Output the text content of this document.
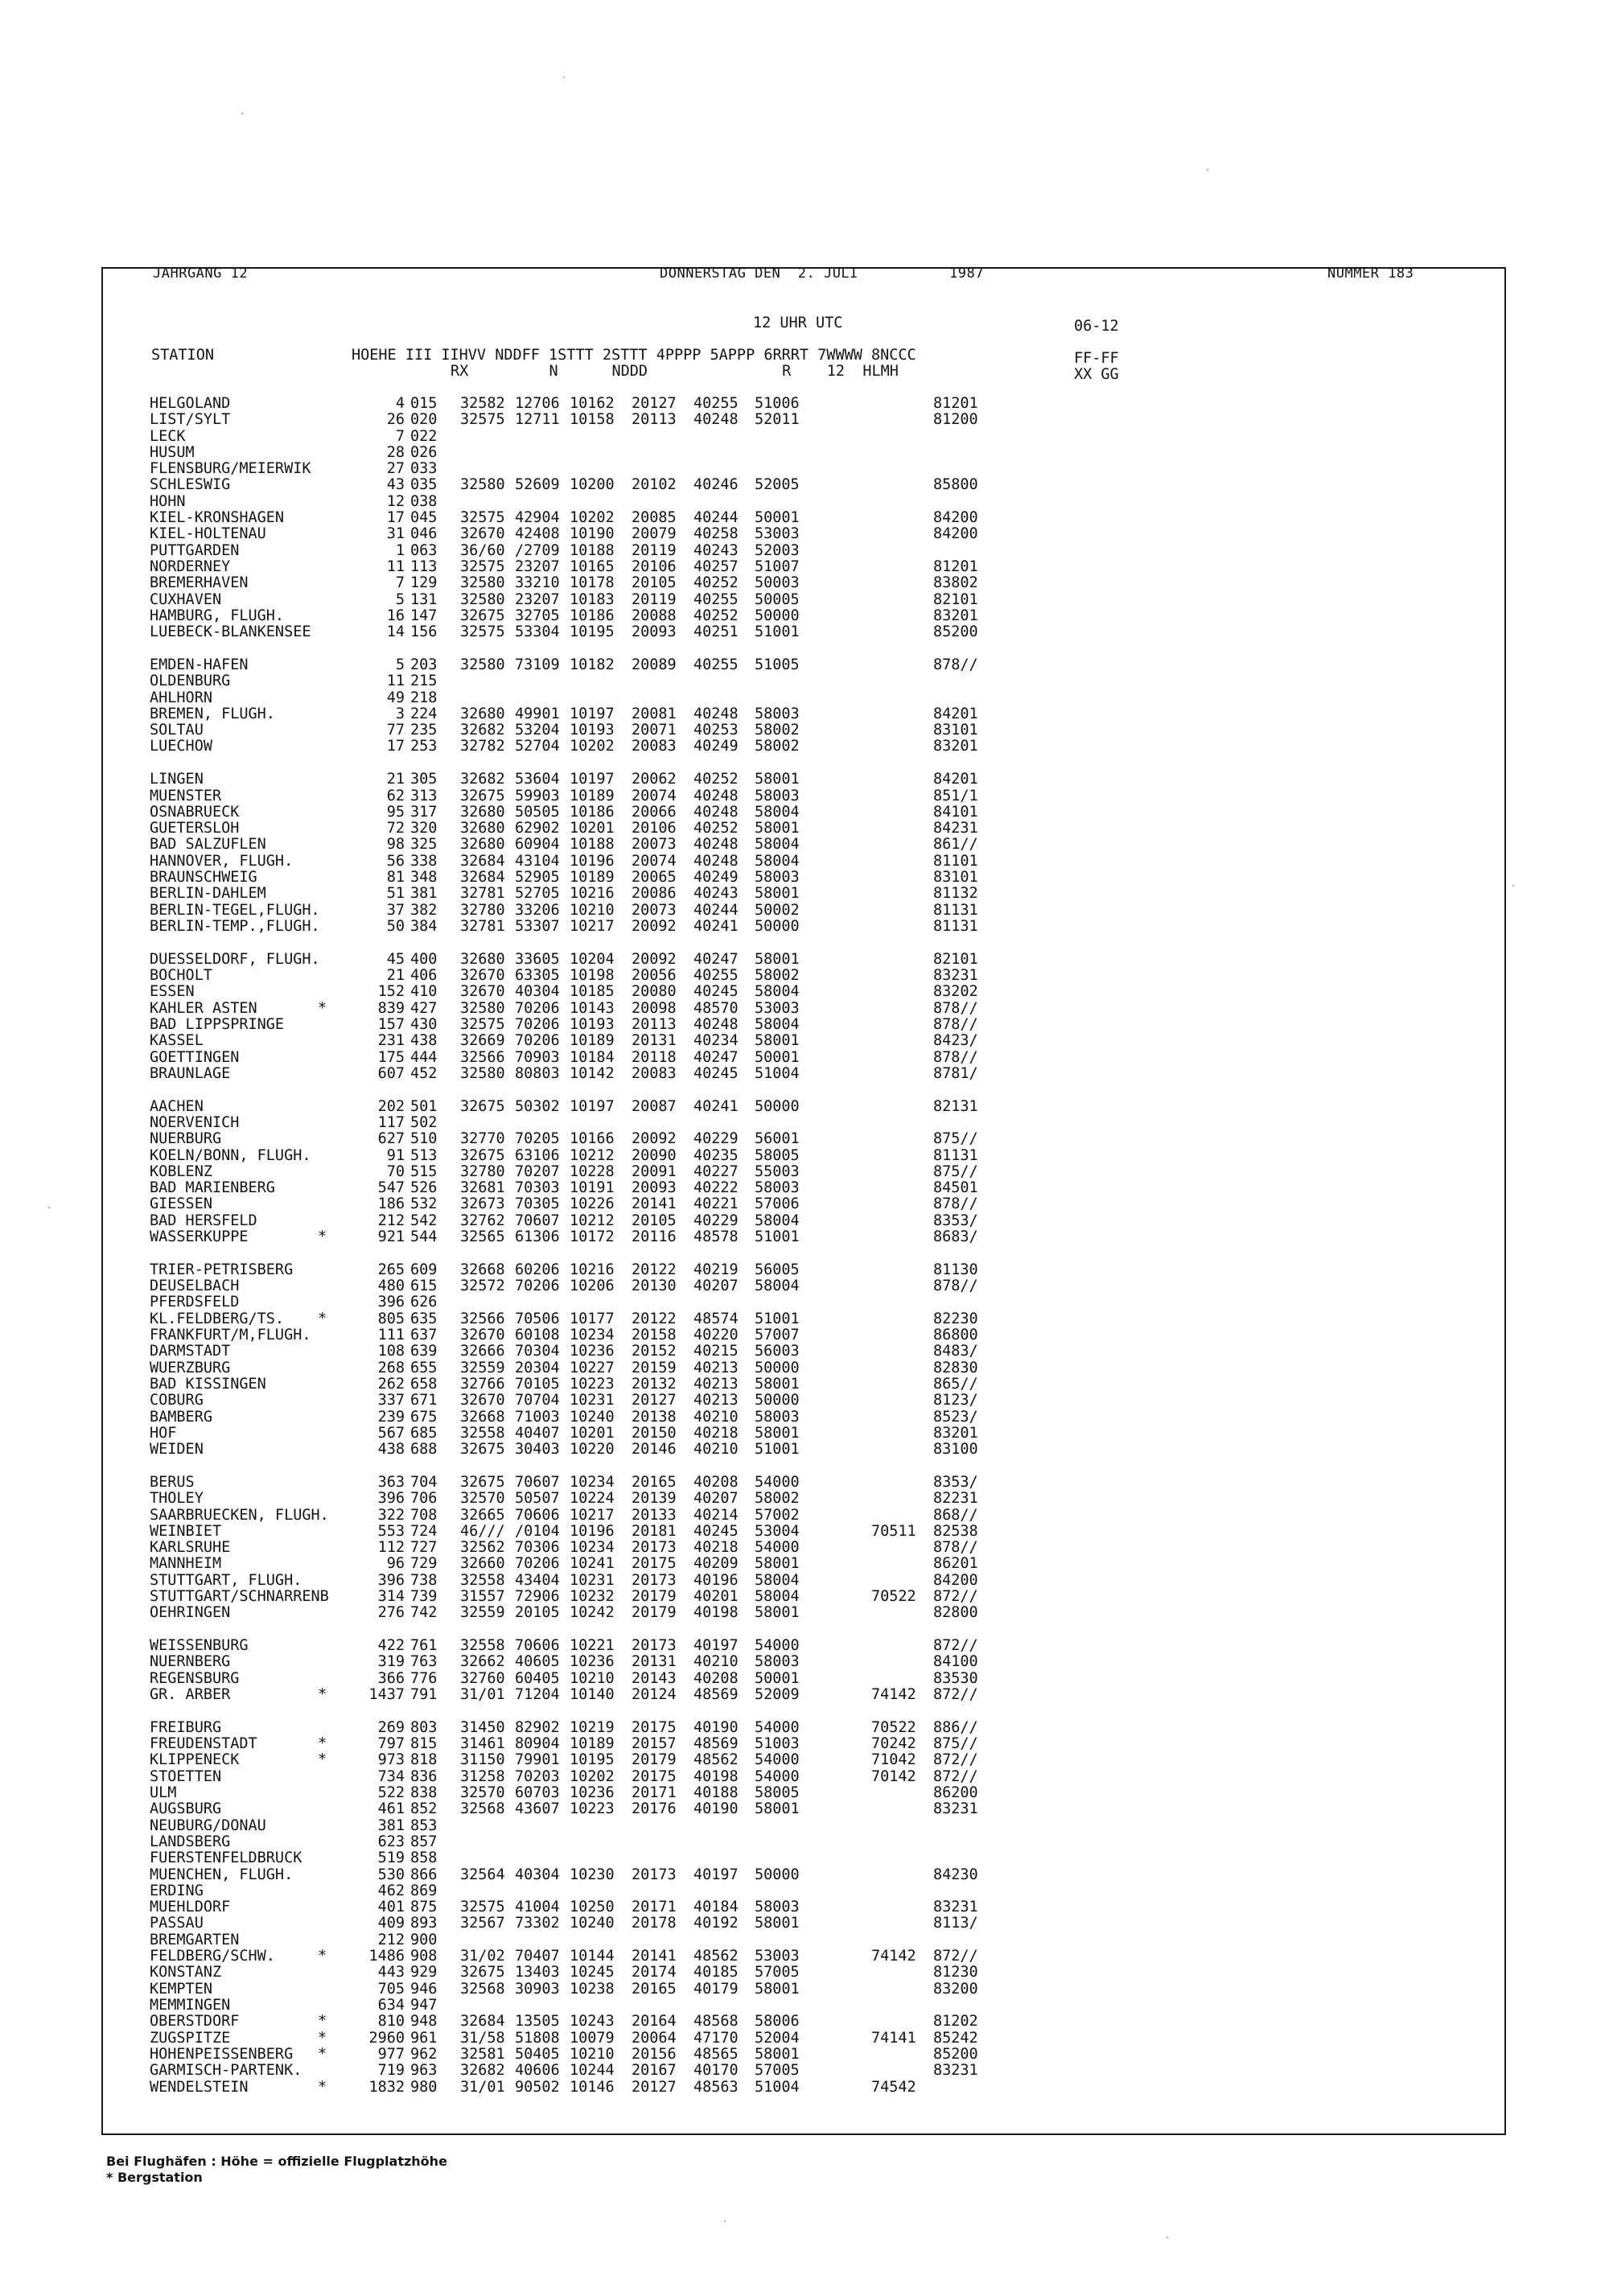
JAHRGANG 12	DONNERSTAG DEN  2. JULI	1987	NUMMER 183
12 UHR UTC	06-12
STATION	HOEHE III IIHVV NDDFF 1STTT 2STTT 4PPPP 5APPP 6RRRT 7WWWW 8NCCC
RX         N      NDDD               R    12  HLMH
FF-FF
XX GG
HELGOLAND	4 015 32582 12706 10162 20127 40255 51006	81201
LIST/SYLT	26 020 32575 12711 10158 20113 40248 52011	81200
LECK	7 022
HUSUM	28 026
FLENSBURG/MEIERWIK	27 033
SCHLESWIG	43 035 32580 52609 10200 20102 40246 52005	85800
HOHN	12 038
KIEL-KRONSHAGEN	17 045 32575 42904 10202 20085 40244 50001	84200
KIEL-HOLTENAU	31 046 32670 42408 10190 20079 40258 53003	84200
PUTTGARDEN	1 063 36/60 /2709 10188 20119 40243 52003
NORDERNEY	11 113 32575 23207 10165 20106 40257 51007	81201
BREMERHAVEN	7 129 32580 33210 10178 20105 40252 50003	83802
CUXHAVEN	5 131 32580 23207 10183 20119 40255 50005	82101
HAMBURG, FLUGH.	16 147 32675 32705 10186 20088 40252 50000	83201
LUEBECK-BLANKENSEE	14 156 32575 53304 10195 20093 40251 51001	85200
EMDEN-HAFEN	5 203 32580 73109 10182 20089 40255 51005	878//
OLDENBURG	11 215
AHLHORN	49 218
BREMEN, FLUGH.	3 224 32680 49901 10197 20081 40248 58003	84201
SOLTAU	77 235 32682 53204 10193 20071 40253 58002	83101
LUECHOW	17 253 32782 52704 10202 20083 40249 58002	83201
LINGEN	21 305 32682 53604 10197 20062 40252 58001	84201
MUENSTER	62 313 32675 59903 10189 20074 40248 58003	851/1
OSNABRUECK	95 317 32680 50505 10186 20066 40248 58004	84101
GUETERSLOH	72 320 32680 62902 10201 20106 40252 58001	84231
BAD SALZUFLEN	98 325 32680 60904 10188 20073 40248 58004	861//
HANNOVER, FLUGH.	56 338 32684 43104 10196 20074 40248 58004	81101
BRAUNSCHWEIG	81 348 32684 52905 10189 20065 40249 58003	83101
BERLIN-DAHLEM	51 381 32781 52705 10216 20086 40243 58001	81132
BERLIN-TEGEL,FLUGH.	37 382 32780 33206 10210 20073 40244 50002	81131
BERLIN-TEMP.,FLUGH.	50 384 32781 53307 10217 20092 40241 50000	81131
DUESSELDORF, FLUGH.	45 400 32680 33605 10204 20092 40247 58001	82101
BOCHOLT	21 406 32670 63305 10198 20056 40255 58002	83231
ESSEN	152 410 32670 40304 10185 20080 40245 58004	83202
KAHLER ASTEN	*	839 427 32580 70206 10143 20098 48570 53003	878//
BAD LIPPSPRINGE	157 430 32575 70206 10193 20113 40248 58004	878//
KASSEL	231 438 32669 70206 10189 20131 40234 58001	8423/
GOETTINGEN	175 444 32566 70903 10184 20118 40247 50001	878//
BRAUNLAGE	607 452 32580 80803 10142 20083 40245 51004	8781/
AACHEN	202 501 32675 50302 10197 20087 40241 50000	82131
NOERVENICH	117 502
NUERBURG	627 510 32770 70205 10166 20092 40229 56001	875//
KOELN/BONN, FLUGH.	91 513 32675 63106 10212 20090 40235 58005	81131
KOBLENZ	70 515 32780 70207 10228 20091 40227 55003	875//
BAD MARIENBERG	547 526 32681 70303 10191 20093 40222 58003	84501
GIESSEN	186 532 32673 70305 10226 20141 40221 57006	878//
BAD HERSFELD	212 542 32762 70607 10212 20105 40229 58004	8353/
WASSERKUPPE	*	921 544 32565 61306 10172 20116 48578 51001	8683/
TRIER-PETRISBERG	265 609 32668 60206 10216 20122 40219 56005	81130
DEUSELBACH	480 615 32572 70206 10206 20130 40207 58004	878//
PFERDSFELD	396 626
KL.FELDBERG/TS. *	805 635 32566 70506 10177 20122 48574 51001	82230
FRANKFURT/M,FLUGH.	111 637 32670 60108 10234 20158 40220 57007	86800
DARMSTADT	108 639 32666 70304 10236 20152 40215 56003	8483/
WUERZBURG	268 655 32559 20304 10227 20159 40213 50000	82830
BAD KISSINGEN	262 658 32766 70105 10223 20132 40213 58001	865//
COBURG	337 671 32670 70704 10231 20127 40213 50000	8123/
BAMBERG	239 675 32668 71003 10240 20138 40210 58003	8523/
HOF	567 685 32558 40407 10201 20150 40218 58001	83201
WEIDEN	438 688 32675 30403 10220 20146 40210 51001	83100
BERUS	363 704 32675 70607 10234 20165 40208 54000	8353/
THOLEY	396 706 32570 50507 10224 20139 40207 58002	82231
SAARBRUECKEN, FLUGH.	322 708 32665 70606 10217 20133 40214 57002	868//
WEINBIET	553 724 46/// /0104 10196 20181 40245 53004	70511 82538
KARLSRUHE	112 727 32562 70306 10234 20173 40218 54000	878//
MANNHEIM	96 729 32660 70206 10241 20175 40209 58001	86201
STUTTGART, FLUGH.	396 738 32558 43404 10231 20173 40196 58004	84200
STUTTGART/SCHNARRENB	314 739 31557 72906 10232 20179 40201 58004	70522 872//
OEHRINGEN	276 742 32559 20105 10242 20179 40198 58001	82800
WEISSENBURG	422 761 32558 70606 10221 20173 40197 54000	872//
NUERNBERG	319 763 32662 40605 10236 20131 40210 58003	84100
REGENSBURG	366 776 32760 60405 10210 20143 40208 50001	83530
GR. ARBER	*	1437 791 31/01 71204 10140 20124 48569 52009	74142 872//
FREIBURG	269 803 31450 82902 10219 20175 40190 54000	70522 886//
FREUDENSTADT	*	797 815 31461 80904 10189 20157 48569 51003	70242 875//
KLIPPENECK	*	973 818 31150 79901 10195 20179 48562 54000	71042 872//
STOETTEN	734 836 31258 70203 10202 20175 40198 54000	70142 872//
ULM	522 838 32570 60703 10236 20171 40188 58005	86200
AUGSBURG	461 852 32568 43607 10223 20176 40190 58001	83231
NEUBURG/DONAU	381 853
LANDSBERG	623 857
FUERSTENFELDBRUCK	519 858
MUENCHEN, FLUGH.	530 866 32564 40304 10230 20173 40197 50000	84230
ERDING	462 869
MUEHLDORF	401 875 32575 41004 10250 20171 40184 58003	83231
PASSAU	409 893 32567 73302 10240 20178 40192 58001	8113/
BREMGARTEN	212 900
FELDBERG/SCHW.	*	1486 908 31/02 70407 10144 20141 48562 53003	74142 872//
KONSTANZ	443 929 32675 13403 10245 20174 40185 57005	81230
KEMPTEN	705 946 32568 30903 10238 20165 40179 58001	83200
MEMMINGEN	634 947
OBERSTDORF	*	810 948 32684 13505 10243 20164 48568 58006	81202
ZUGSPITZE	*	2960 961 31/58 51808 10079 20064 47170 52004	74141 85242
HOHENPEISSENBERG *	977 962 32581 50405 10210 20156 48565 58001	85200
GARMISCH-PARTENK.	719 963 32682 40606 10244 20167 40170 57005	83231
WENDELSTEIN	*	1832 980 31/01 90502 10146 20127 48563 51004	74542
Bei Flughäfen : Höhe = offizielle Flugplatzhöhe
* Bergstation
